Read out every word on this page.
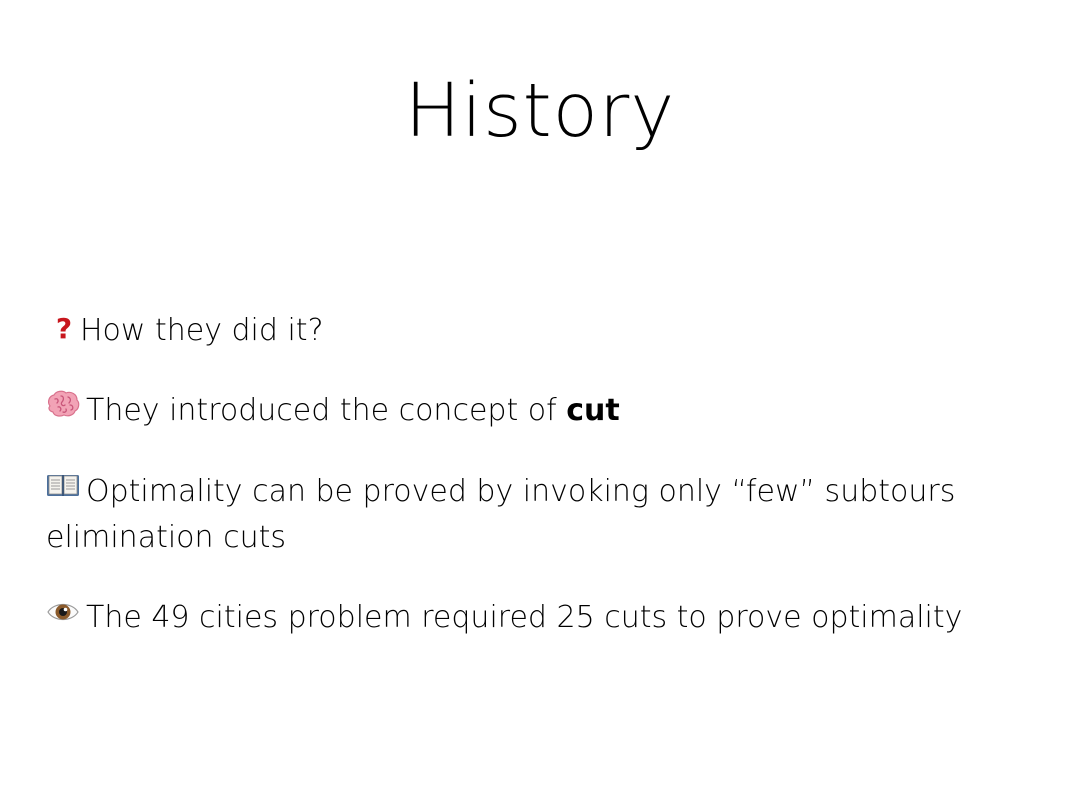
History

? How they did it?

They introduced the concept of cut

Optimality can be proved by invoking only “few” subtours elimination cuts

The 49 cities problem required 25 cuts to prove optimality
